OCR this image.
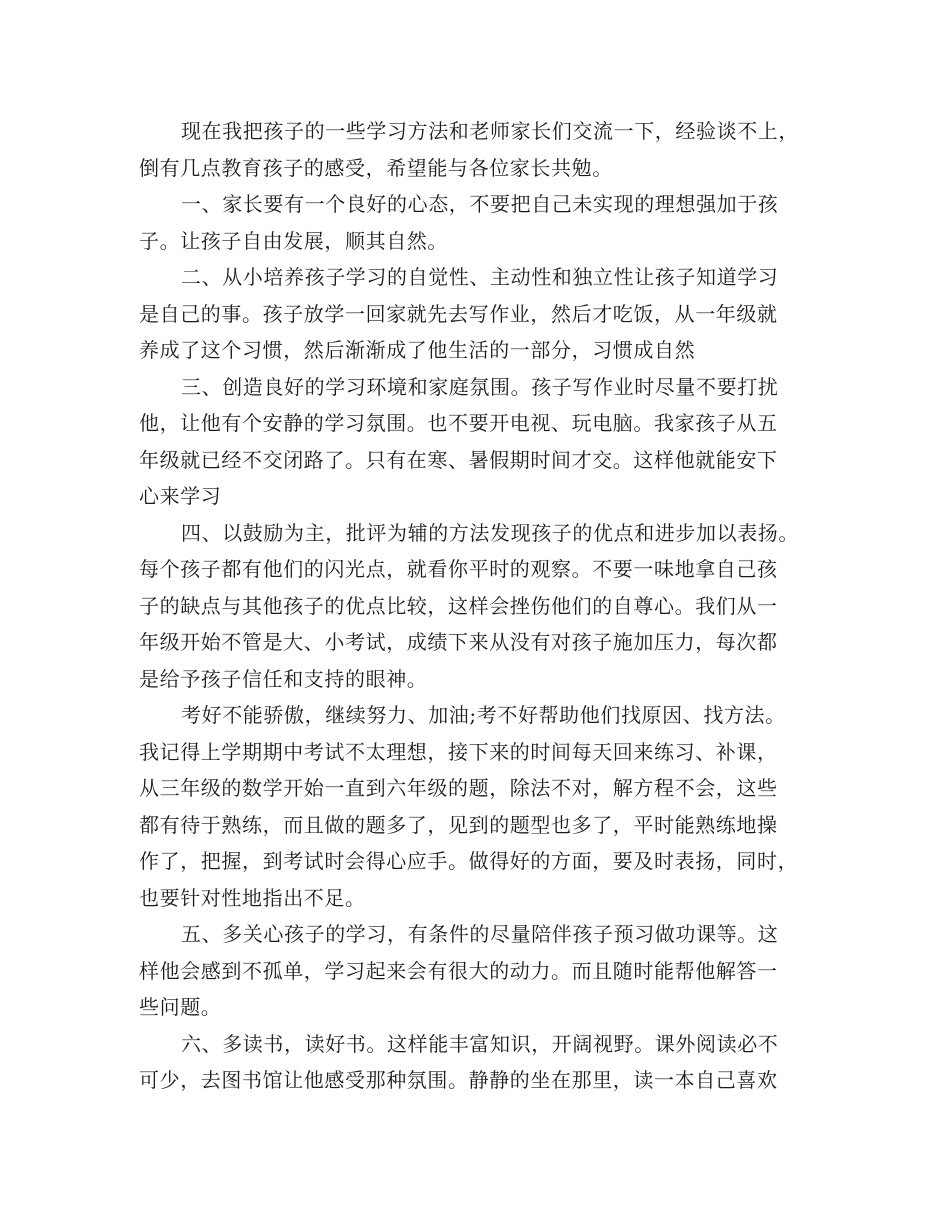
现在我把孩子的一些学习方法和老师家长们交流一下，经验谈不上，
倒有几点教育孩子的感受，希望能与各位家长共勉。
一、家长要有一个良好的心态，不要把自己未实现的理想强加于孩
子。让孩子自由发展，顺其自然。
二、从小培养孩子学习的自觉性、主动性和独立性让孩子知道学习
是自己的事。孩子放学一回家就先去写作业，然后才吃饭，从一年级就
养成了这个习惯，然后渐渐成了他生活的一部分，习惯成自然
三、创造良好的学习环境和家庭氛围。孩子写作业时尽量不要打扰
他，让他有个安静的学习氛围。也不要开电视、玩电脑。我家孩子从五
年级就已经不交闭路了。只有在寒、暑假期时间才交。这样他就能安下
心来学习
四、以鼓励为主，批评为辅的方法发现孩子的优点和进步加以表扬。
每个孩子都有他们的闪光点，就看你平时的观察。不要一味地拿自己孩
子的缺点与其他孩子的优点比较，这样会挫伤他们的自尊心。我们从一
年级开始不管是大、小考试，成绩下来从没有对孩子施加压力，每次都
是给予孩子信任和支持的眼神。
考好不能骄傲，继续努力、加油;考不好帮助他们找原因、找方法。
我记得上学期期中考试不太理想，接下来的时间每天回来练习、补课，
从三年级的数学开始一直到六年级的题，除法不对，解方程不会，这些
都有待于熟练，而且做的题多了，见到的题型也多了，平时能熟练地操
作了，把握，到考试时会得心应手。做得好的方面，要及时表扬，同时，
也要针对性地指出不足。
五、多关心孩子的学习，有条件的尽量陪伴孩子预习做功课等。这
样他会感到不孤单，学习起来会有很大的动力。而且随时能帮他解答一
些问题。
六、多读书，读好书。这样能丰富知识，开阔视野。课外阅读必不
可少，去图书馆让他感受那种氛围。静静的坐在那里，读一本自己喜欢
